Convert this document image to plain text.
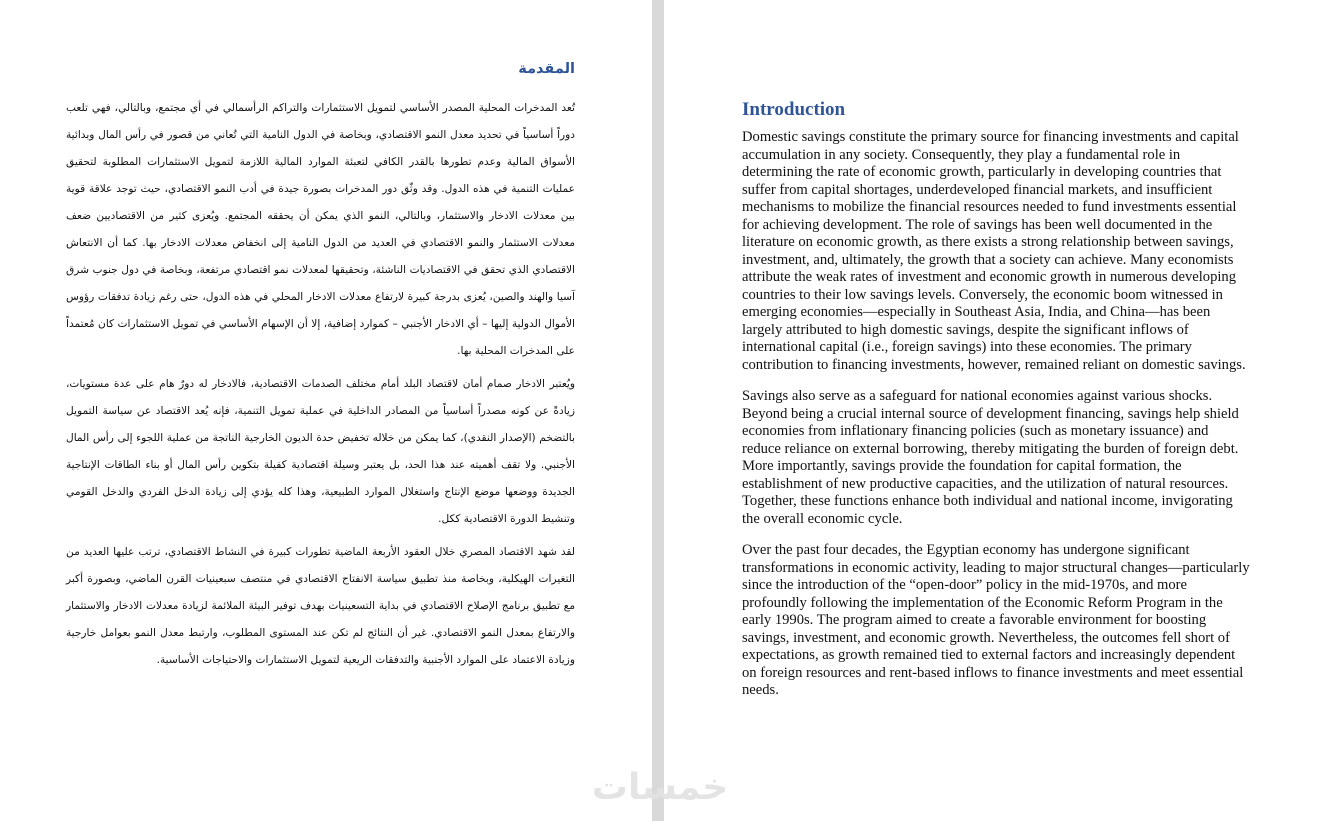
المقدمة

تُعد المدخرات المحلية المصدر الأساسي لتمويل الاستثمارات والتراكم الرأسمالي في أي مجتمع، وبالتالي، فهي تلعب دوراً أساسياً في تحديد معدل النمو الاقتصادي، وبخاصة في الدول النامية التي تُعاني من قصور في رأس المال وبدائية الأسواق المالية وعدم تطورها بالقدر الكافي لتعبئة الموارد المالية اللازمة لتمويل الاستثمارات المطلوبة لتحقيق عمليات التنمية في هذه الدول. وقد وثّق دور المدخرات بصورة جيدة في أدب النمو الاقتصادي، حيث توجد علاقة قوية بين معدلات الادخار والاستثمار، وبالتالي، النمو الذي يمكن أن يحققه المجتمع. ويُعزى كثير من الاقتصاديين ضعف معدلات الاستثمار والنمو الاقتصادي في العديد من الدول النامية إلى انخفاض معدلات الادخار بها. كما أن الانتعاش الاقتصادي الذي تحقق في الاقتصاديات الناشئة، وتحقيقها لمعدلات نمو اقتصادي مرتفعة، وبخاصة في دول جنوب شرق آسيا والهند والصين، يُعزى بدرجة كبيرة لارتفاع معدلات الادخار المحلي في هذه الدول، حتى رغم زيادة تدفقات رؤوس الأموال الدولية إليها – أي الادخار الأجنبي – كموارد إضافية، إلا أن الإسهام الأساسي في تمويل الاستثمارات كان مُعتمداً على المدخرات المحلية بها.

ويُعتبر الادخار صمام أمان لاقتصاد البلد أمام مختلف الصدمات الاقتصادية، فالادخار له دورٌ هام على عدة مستويات، زيادةً عن كونه مصدراً أساسياً من المصادر الداخلية في عملية تمويل التنمية، فإنه يُعد الاقتصاد عن سياسة التمويل بالتضخم (الإصدار النقدي)، كما يمكن من خلاله تخفيض حدة الديون الخارجية الناتجة من عملية اللجوء إلى رأس المال الأجنبي. ولا تقف أهميته عند هذا الحد، بل يعتبر وسيلة اقتصادية كفيلة بتكوين رأس المال أو بناء الطاقات الإنتاجية الجديدة ووضعها موضع الإنتاج واستغلال الموارد الطبيعية، وهذا كله يؤدي إلى زيادة الدخل الفردي والدخل القومي وتنشيط الدورة الاقتصادية ككل.

لقد شهد الاقتصاد المصري خلال العقود الأربعة الماضية تطورات كبيرة في النشاط الاقتصادي، ترتب عليها العديد من التغيرات الهيكلية، وبخاصة منذ تطبيق سياسة الانفتاح الاقتصادي في منتصف سبعينيات القرن الماضي، وبصورة أكبر مع تطبيق برنامج الإصلاح الاقتصادي في بداية التسعينيات بهدف توفير البيئة الملائمة لزيادة معدلات الادخار والاستثمار والارتفاع بمعدل النمو الاقتصادي. غير أن النتائج لم تكن عند المستوى المطلوب، وارتبط معدل النمو بعوامل خارجية وزيادة الاعتماد على الموارد الأجنبية والتدفقات الريعية لتمويل الاستثمارات والاحتياجات الأساسية.

Introduction

Domestic savings constitute the primary source for financing investments and capital accumulation in any society. Consequently, they play a fundamental role in determining the rate of economic growth, particularly in developing countries that suffer from capital shortages, underdeveloped financial markets, and insufficient mechanisms to mobilize the financial resources needed to fund investments essential for achieving development. The role of savings has been well documented in the literature on economic growth, as there exists a strong relationship between savings, investment, and, ultimately, the growth that a society can achieve. Many economists attribute the weak rates of investment and economic growth in numerous developing countries to their low savings levels. Conversely, the economic boom witnessed in emerging economies—especially in Southeast Asia, India, and China—has been largely attributed to high domestic savings, despite the significant inflows of international capital (i.e., foreign savings) into these economies. The primary contribution to financing investments, however, remained reliant on domestic savings.

Savings also serve as a safeguard for national economies against various shocks. Beyond being a crucial internal source of development financing, savings help shield economies from inflationary financing policies (such as monetary issuance) and reduce reliance on external borrowing, thereby mitigating the burden of foreign debt. More importantly, savings provide the foundation for capital formation, the establishment of new productive capacities, and the utilization of natural resources. Together, these functions enhance both individual and national income, invigorating the overall economic cycle.

Over the past four decades, the Egyptian economy has undergone significant transformations in economic activity, leading to major structural changes—particularly since the introduction of the “open-door” policy in the mid-1970s, and more profoundly following the implementation of the Economic Reform Program in the early 1990s. The program aimed to create a favorable environment for boosting savings, investment, and economic growth. Nevertheless, the outcomes fell short of expectations, as growth remained tied to external factors and increasingly dependent on foreign resources and rent-based inflows to finance investments and meet essential needs.

خمسات
